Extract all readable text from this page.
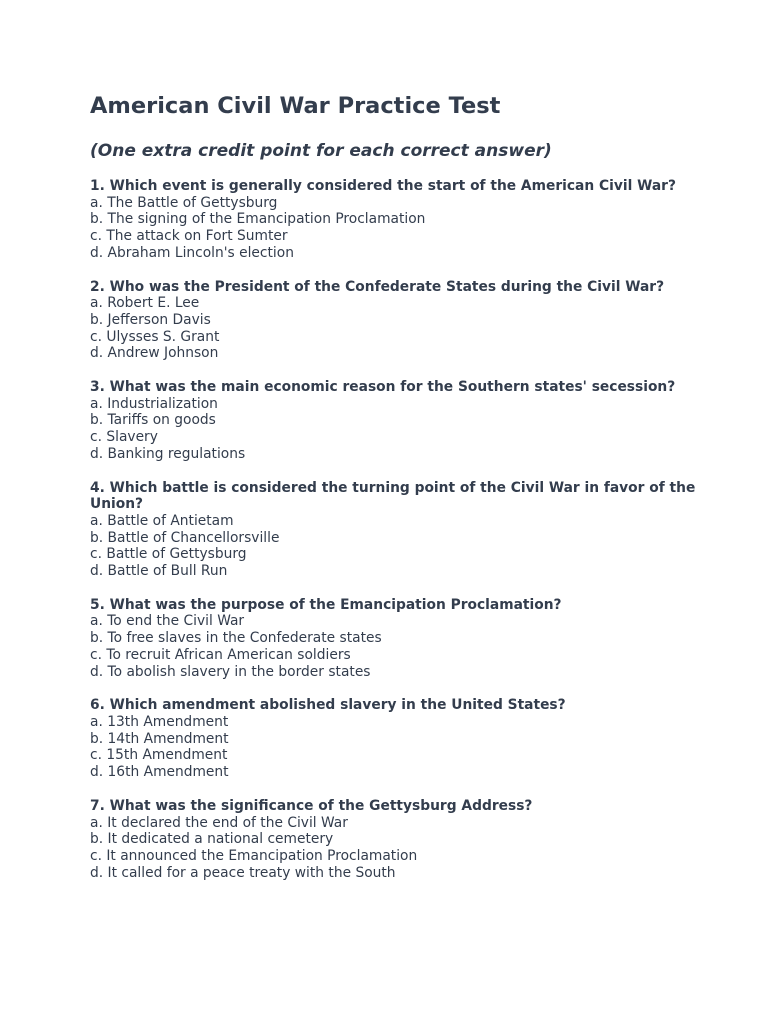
American Civil War Practice Test

(One extra credit point for each correct answer)

1. Which event is generally considered the start of the American Civil War?

a. The Battle of Gettysburg

b. The signing of the Emancipation Proclamation

c. The attack on Fort Sumter

d. Abraham Lincoln's election

2. Who was the President of the Confederate States during the Civil War?

a. Robert E. Lee

b. Jefferson Davis

c. Ulysses S. Grant

d. Andrew Johnson

3. What was the main economic reason for the Southern states' secession?

a. Industrialization

b. Tariffs on goods

c. Slavery

d. Banking regulations

4. Which battle is considered the turning point of the Civil War in favor of the Union?

a. Battle of Antietam

b. Battle of Chancellorsville

c. Battle of Gettysburg

d. Battle of Bull Run

5. What was the purpose of the Emancipation Proclamation?

a. To end the Civil War

b. To free slaves in the Confederate states

c. To recruit African American soldiers

d. To abolish slavery in the border states

6. Which amendment abolished slavery in the United States?

a. 13th Amendment

b. 14th Amendment

c. 15th Amendment

d. 16th Amendment

7. What was the significance of the Gettysburg Address?

a. It declared the end of the Civil War

b. It dedicated a national cemetery

c. It announced the Emancipation Proclamation

d. It called for a peace treaty with the South
